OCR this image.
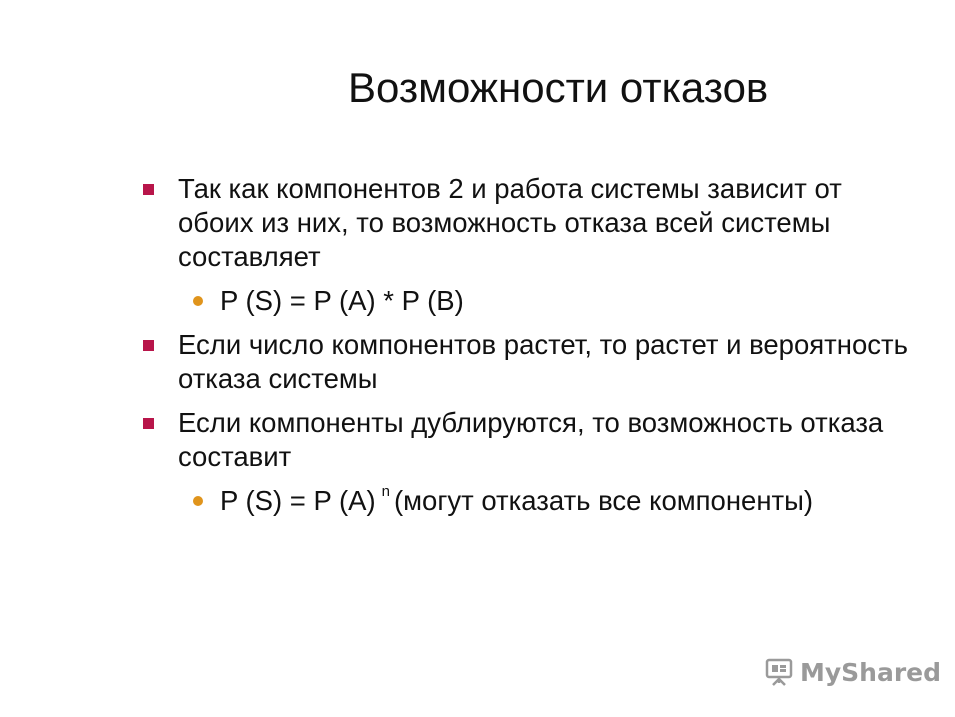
Возможности отказов
Так как компонентов 2 и работа системы зависит от обоих из них, то возможность отказа всей системы составляет
P (S) = P (A) * P (B)
Если число компонентов растет, то растет и вероятность отказа системы
Если компоненты дублируются, то возможность отказа составит
P (S) = P (A) $^n$ (могут отказать все компоненты)
MyShared
